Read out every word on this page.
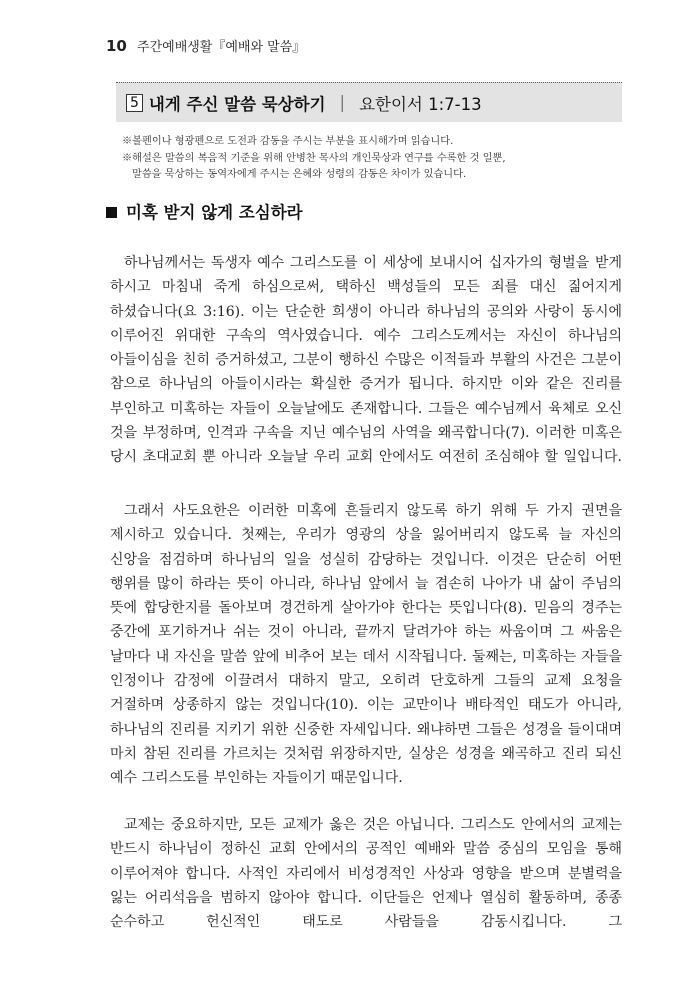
10 주간예배생활『예배와 말씀』
5 내게 주신 말씀 묵상하기 | 요한이서 1:7-13

※볼펜이나 형광펜으로 도전과 감동을 주시는 부분을 표시해가며 읽습니다.

※해설은 말씀의 복음적 기준을 위해 안병찬 목사의 개인묵상과 연구를 수록한 것 일뿐,

말씀을 묵상하는 동역자에게 주시는 은혜와 성령의 감동은 차이가 있습니다.

미혹 받지 않게 조심하라

하나님께서는 독생자 예수 그리스도를 이 세상에 보내시어 십자가의 형벌을 받게 하시고 마침내 죽게 하심으로써, 택하신 백성들의 모든 죄를 대신 짊어지게 하셨습니다(요 3:16). 이는 단순한 희생이 아니라 하나님의 공의와 사랑이 동시에 이루어진 위대한 구속의 역사였습니다. 예수 그리스도께서는 자신이 하나님의 아들이심을 친히 증거하셨고, 그분이 행하신 수많은 이적들과 부활의 사건은 그분이 참으로 하나님의 아들이시라는 확실한 증거가 됩니다. 하지만 이와 같은 진리를 부인하고 미혹하는 자들이 오늘날에도 존재합니다. 그들은 예수님께서 육체로 오신 것을 부정하며, 인격과 구속을 지닌 예수님의 사역을 왜곡합니다(7). 이러한 미혹은 당시 초대교회 뿐 아니라 오늘날 우리 교회 안에서도 여전히 조심해야 할 일입니다.

그래서 사도요한은 이러한 미혹에 흔들리지 않도록 하기 위해 두 가지 권면을 제시하고 있습니다. 첫째는, 우리가 영광의 상을 잃어버리지 않도록 늘 자신의 신앙을 점검하며 하나님의 일을 성실히 감당하는 것입니다. 이것은 단순히 어떤 행위를 많이 하라는 뜻이 아니라, 하나님 앞에서 늘 겸손히 나아가 내 삶이 주님의 뜻에 합당한지를 돌아보며 경건하게 살아가야 한다는 뜻입니다(8). 믿음의 경주는 중간에 포기하거나 쉬는 것이 아니라, 끝까지 달려가야 하는 싸움이며 그 싸움은 날마다 내 자신을 말씀 앞에 비추어 보는 데서 시작됩니다. 둘째는, 미혹하는 자들을 인정이나 감정에 이끌려서 대하지 말고, 오히려 단호하게 그들의 교제 요청을 거절하며 상종하지 않는 것입니다(10). 이는 교만이나 배타적인 태도가 아니라, 하나님의 진리를 지키기 위한 신중한 자세입니다. 왜냐하면 그들은 성경을 들이대며 마치 참된 진리를 가르치는 것처럼 위장하지만, 실상은 성경을 왜곡하고 진리 되신 예수 그리스도를 부인하는 자들이기 때문입니다.

교제는 중요하지만, 모든 교제가 옳은 것은 아닙니다. 그리스도 안에서의 교제는 반드시 하나님이 정하신 교회 안에서의 공적인 예배와 말씀 중심의 모임을 통해 이루어져야 합니다. 사적인 자리에서 비성경적인 사상과 영향을 받으며 분별력을 잃는 어리석음을 범하지 않아야 합니다. 이단들은 언제나 열심히 활동하며, 종종 순수하고 헌신적인 태도로 사람들을 감동시킵니다. 그
